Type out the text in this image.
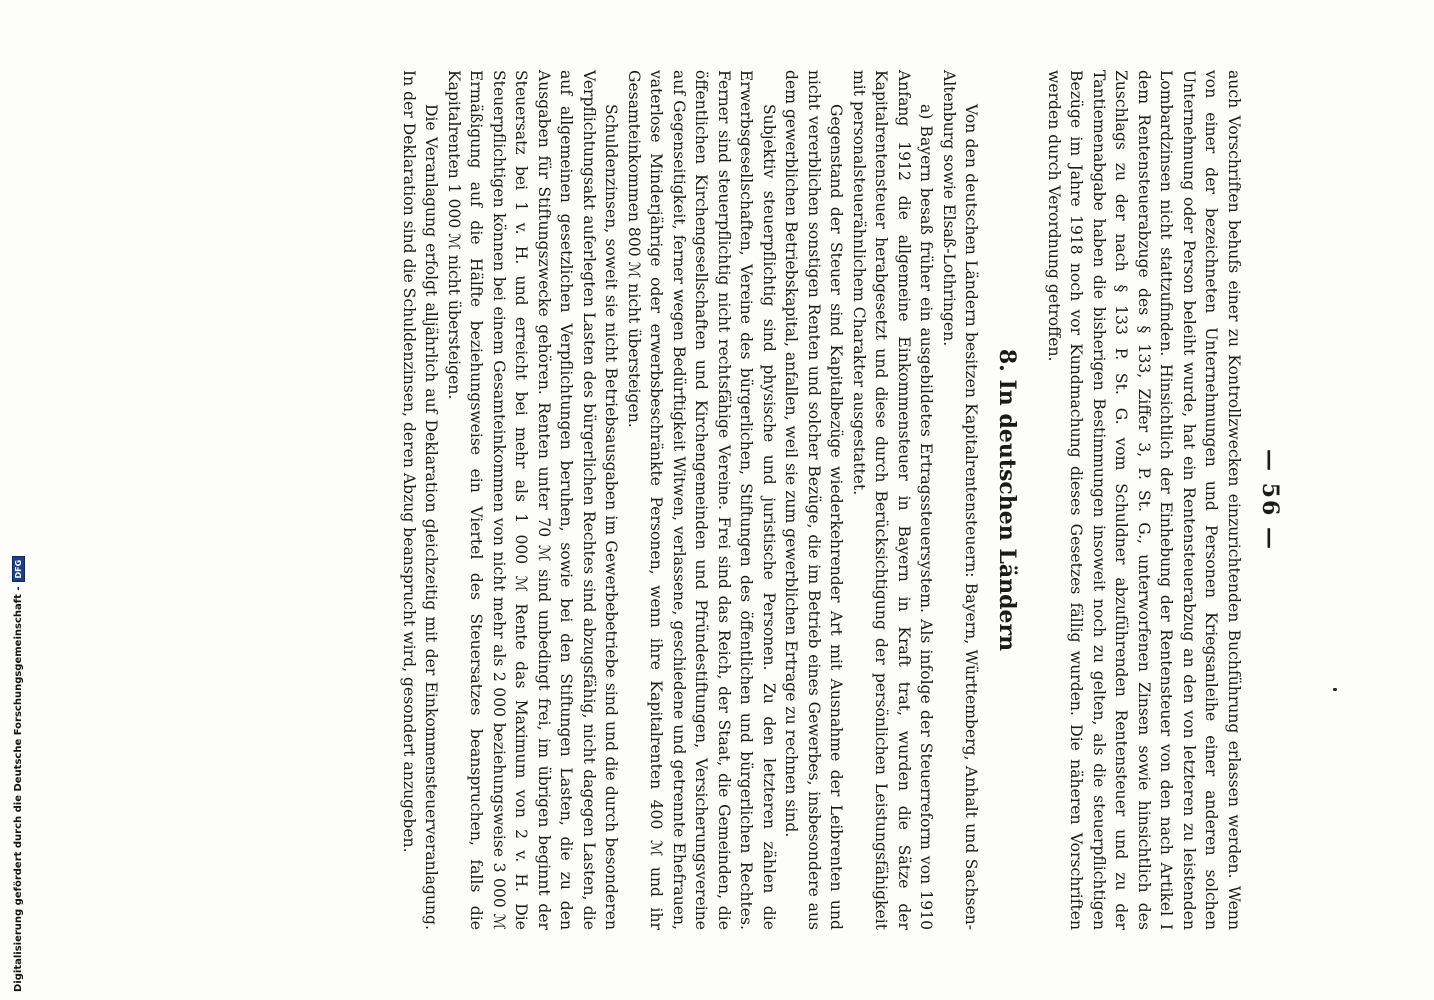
— 56 —

auch Vorschriften behufs einer zu Kontrollzwecken einzurichtenden Buchführung erlassen werden. Wenn von einer der bezeichneten Unternehmungen und Personen Kriegsanleihe einer anderen solchen Unternehmung oder Person beleiht wurde, hat ein Rentensteuerabzug an den von letzteren zu leistenden Lombardzinsen nicht stattzufinden. Hinsichtlich der Einhebung der Rentensteuer von den nach Artikel I dem Rentensteuerabzuge des § 133, Ziffer 3, P. St. G., unterworfenen Zinsen sowie hinsichtlich des Zuschlags zu der nach § 133 P. St. G. vom Schuldner abzuführenden Rentensteuer und zu der Tantiemenabgabe haben die bisherigen Bestimmungen insoweit noch zu gelten, als die steuerpflichtigen Bezüge im Jahre 1918 noch vor Kundmachung dieses Gesetzes fällig wurden. Die näheren Vorschriften werden durch Verordnung getroffen.

8. In deutschen Ländern

Von den deutschen Ländern besitzen Kapitalrentensteuern: Bayern, Württemberg, Anhalt und Sachsen-Altenburg sowie Elsaß-Lothringen.

a) Bayern besaß früher ein ausgebildetes Ertragssteuersystem. Als infolge der Steuerreform von 1910 Anfang 1912 die allgemeine Einkommensteuer in Bayern in Kraft trat, wurden die Sätze der Kapitalrentensteuer herabgesetzt und diese durch Berücksichtigung der persönlichen Leistungsfähigkeit mit personalsteuerähnlichem Charakter ausgestattet.

Gegenstand der Steuer sind Kapitalbezüge wiederkehrender Art mit Ausnahme der Leibrenten und nicht vererblichen sonstigen Renten und solcher Bezüge, die im Betrieb eines Gewerbes, insbesondere aus dem gewerblichen Betriebskapital, anfallen, weil sie zum gewerblichen Ertrage zu rechnen sind.

Subjektiv steuerpflichtig sind physische und juristische Personen. Zu den letzteren zählen die Erwerbsgesellschaften, Vereine des bürgerlichen, Stiftungen des öffentlichen und bürgerlichen Rechtes. Ferner sind steuerpflichtig nicht rechtsfähige Vereine. Frei sind das Reich, der Staat, die Gemeinden, die öffentlichen Kirchengesellschaften und Kirchengemeinden und Pfründestiftungen, Versicherungsvereine auf Gegenseitigkeit, ferner wegen Bedürftigkeit Witwen, verlassene, geschiedene und getrennte Ehefrauen, vaterlose Minderjährige oder erwerbsbeschränkte Personen, wenn ihre Kapitalrenten 400 ℳ und ihr Gesamteinkommen 800 ℳ nicht übersteigen.

Schuldenzinsen, soweit sie nicht Betriebsausgaben im Gewerbebetriebe sind und die durch besonderen Verpflichtungsakt auferlegten Lasten des bürgerlichen Rechtes sind abzugsfähig, nicht dagegen Lasten, die auf allgemeinen gesetzlichen Verpflichtungen beruhen, sowie bei den Stiftungen Lasten, die zu den Ausgaben für Stiftungszwecke gehören. Renten unter 70 ℳ sind unbedingt frei, im übrigen beginnt der Steuersatz bei 1 v. H. und erreicht bei mehr als 1 000 ℳ Rente das Maximum von 2 v. H. Die Steuerpflichtigen können bei einem Gesamteinkommen von nicht mehr als 2 000 beziehungsweise 3 000 ℳ Ermäßigung auf die Hälfte beziehungsweise ein Viertel des Steuersatzes beanspruchen, falls die Kapitalrenten 1 000 ℳ nicht übersteigen.

Die Veranlagung erfolgt alljährlich auf Deklaration gleichzeitig mit der Einkommensteuerveranlagung. In der Deklaration sind die Schuldenzinsen, deren Abzug beansprucht wird, gesondert anzugeben.

Digitalisierung gefördert durch die Deutsche Forschungsgemeinschaft -DFG
